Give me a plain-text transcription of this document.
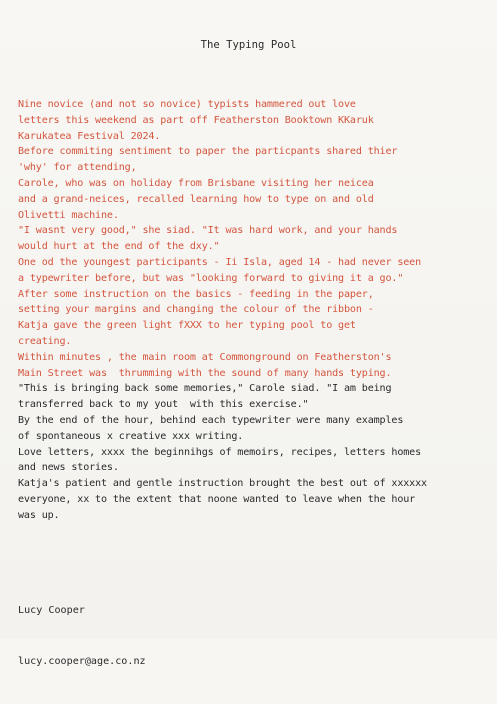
The Typing Pool
Nine novice (and not so novice) typists hammered out love
letters this weekend as part off Featherston Booktown KKaruk
Karukatea Festival 2024.
Before commiting sentiment to paper the particpants shared thier
'why' for attending,
Carole, who was on holiday from Brisbane visiting her neicea
and a grand-neices, recalled learning how to type on and old
Olivetti machine.
"I wasnt very good," she siad. "It was hard work, and your hands
would hurt at the end of the dxy."
One od the youngest participants - Ii Isla, aged 14 - had never seen
a typewriter before, but was "looking forward to giving it a go."
After some instruction on the basics - feeding in the paper,
setting your margins and changing the colour of the ribbon -
Katja gave the green light fXXX to her typing pool to get
creating.
Within minutes , the main room at Commonground on Featherston's
Main Street was  thrumming with the sound of many hands typing.
"This is bringing back some memories," Carole siad. "I am being
transferred back to my yout  with this exercise."
By the end of the hour, behind each typewriter were many examples
of spontaneous x creative xxx writing.
Love letters, xxxx the beginnihgs of memoirs, recipes, letters homes
and news stories.
Katja's patient and gentle instruction brought the best out of xxxxxx
everyone, xx to the extent that noone wanted to leave when the hour
was up.

Lucy Cooper

lucy.cooper@age.co.nz
